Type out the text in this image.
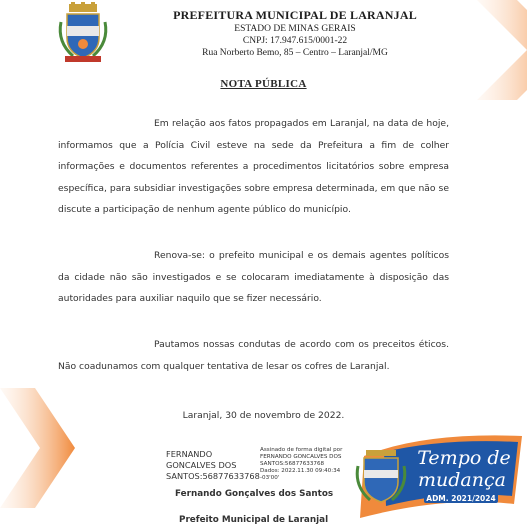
PREFEITURA MUNICIPAL DE LARANJAL
ESTADO DE MINAS GERAIS
CNPJ: 17.947.615/0001-22
Rua Norberto Bemo, 85 – Centro – Laranjal/MG
NOTA PÚBLICA
Em relação aos fatos propagados em Laranjal, na data de hoje, informamos que a Polícia Civil esteve na sede da Prefeitura a fim de colher informações e documentos referentes a procedimentos licitatórios sobre empresa específica, para subsidiar investigações sobre empresa determinada, em que não se discute a participação de nenhum agente público do município.
Renova-se: o prefeito municipal e os demais agentes políticos da cidade não são investigados e se colocaram imediatamente à disposição das autoridades para auxiliar naquilo que se fizer necessário.
Pautamos nossas condutas de acordo com os preceitos éticos. Não coadunamos com qualquer tentativa de lesar os cofres de Laranjal.
Laranjal, 30 de novembro de 2022.
FERNANDO
GONCALVES DOS
SANTOS:56877633768
Assinado de forma digital por
FERNANDO GONCALVES DOS
SANTOS:56877633768
Dados: 2022.11.30 09:40:34
-03'00'
Fernando Gonçalves dos Santos
Prefeito Municipal de Laranjal
Tempo de
mudança
ADM. 2021/2024
